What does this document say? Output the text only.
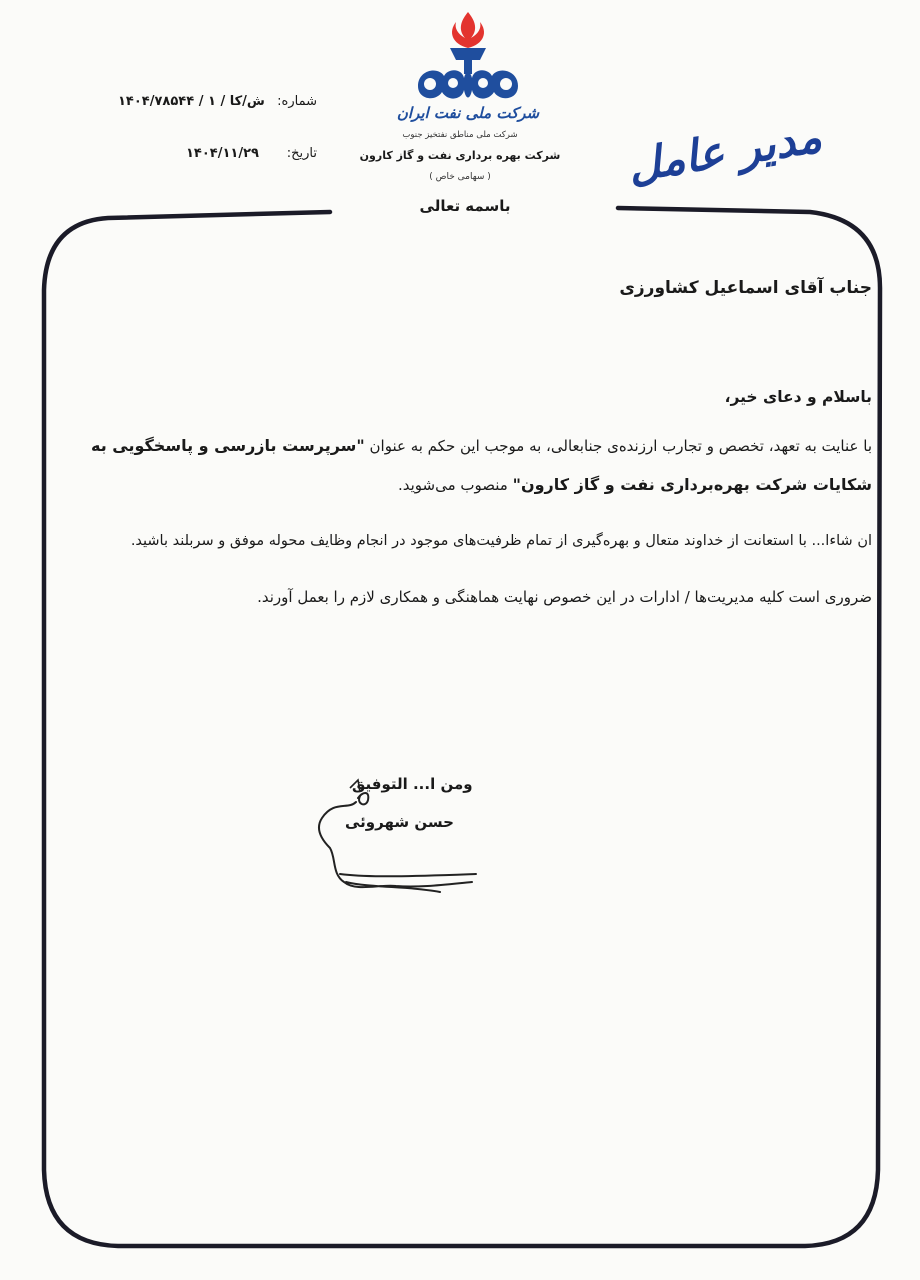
شرکت ملی نفت ایران
شرکت ملی مناطق نفتخیز جنوب
شرکت بهره برداری نفت و گاز کارون
( سهامی خاص )
باسمه تعالی
شماره:
۱۴۰۴/ش/کا / ۱ / ۷۸۵۴۴
تاریخ:
۱۴۰۴/۱۱/۲۹	مدیر عامل
جناب آقای اسماعیل کشاورزی
باسلام و دعای خیر،
با عنایت به تعهد، تخصص و تجارب ارزنده‌ی جنابعالی، به موجب این حکم به عنوان "سرپرست بازرسی و پاسخگویی به
شکایات شرکت بهره‌برداری نفت و گاز کارون" منصوب می‌شوید.
ان شاءا... با استعانت از خداوند متعال و بهره‌گیری از تمام ظرفیت‌های موجود در انجام وظایف محوله موفق و سربلند باشید.
ضروری است کلیه مدیریت‌ها / ادارات در این خصوص نهایت هماهنگی و همکاری لازم را بعمل آورند.
ومن ا... التوفیق
حسن شهروئی
